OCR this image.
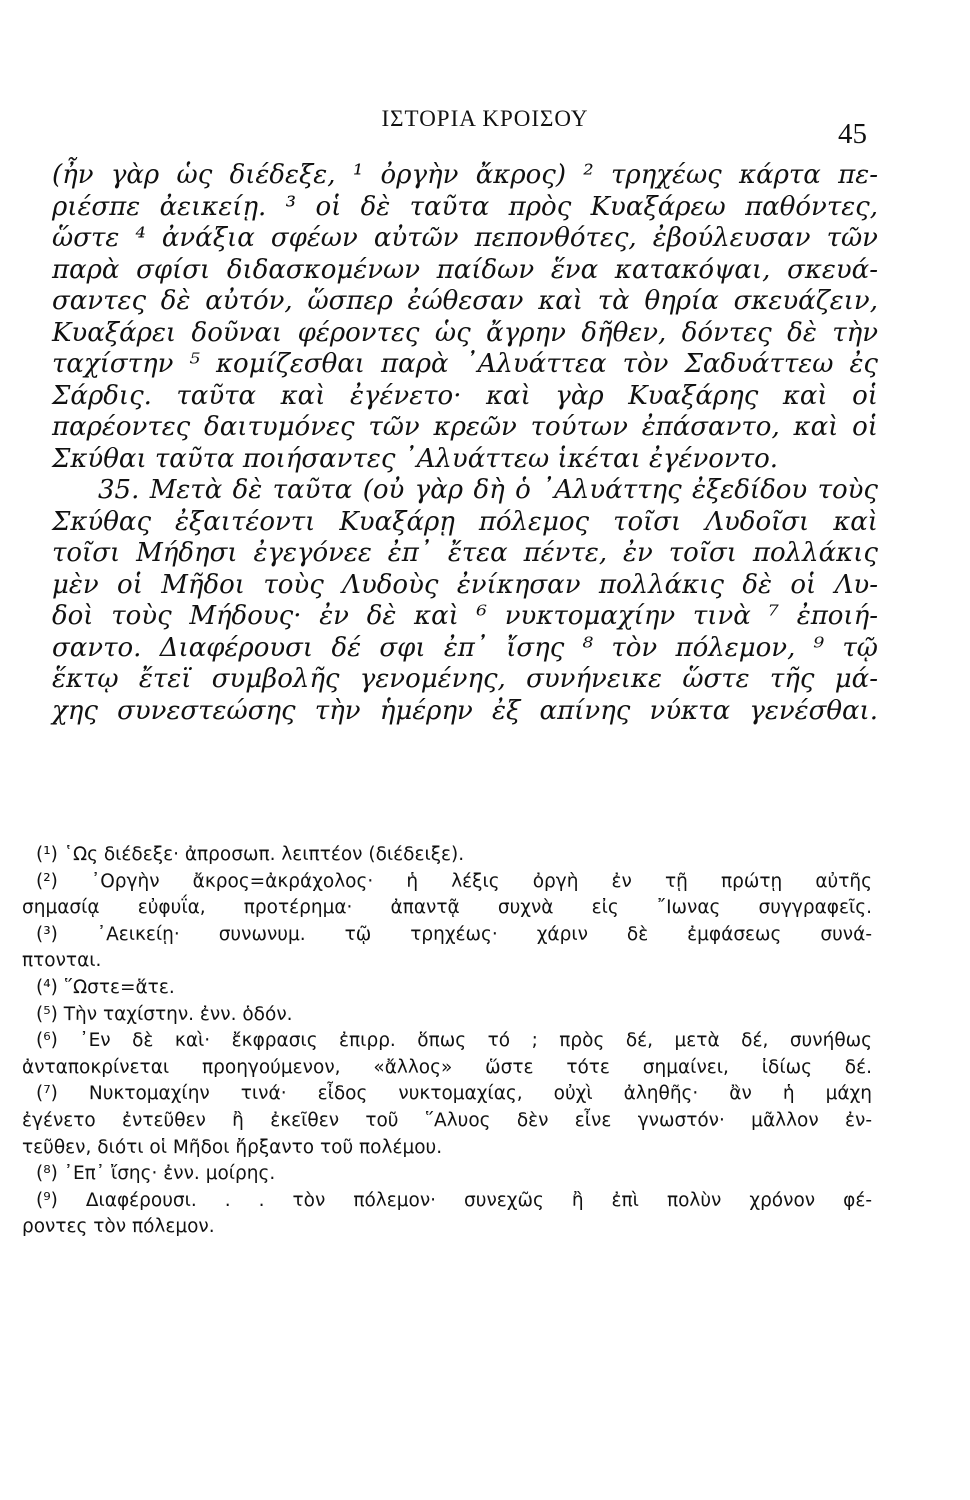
ΙΣΤΟΡΙΑ ΚΡΟΙΣΟΥ	45
(ἦν γὰρ ὡς διέδεξε, ¹ ὀργὴν ἄκρος) ² τρηχέως κάρτα πε-
ριέσπε ἀεικείῃ. ³ οἱ δὲ ταῦτα πρὸς Κυαξάρεω παθόντες,
ὥστε ⁴ ἀνάξια σφέων αὐτῶν πεπονθότες, ἐβούλευσαν τῶν
παρὰ σφίσι διδασκομένων παίδων ἕνα κατακόψαι, σκευά-
σαντες δὲ αὐτόν, ὥσπερ ἐώθεσαν καὶ τὰ θηρία σκευάζειν,
Κυαξάρει δοῦναι φέροντες ὡς ἄγρην δῆθεν, δόντες δὲ τὴν
ταχίστην ⁵ κομίζεσθαι παρὰ ᾿Αλυάττεα τὸν Σαδυάττεω ἐς
Σάρδις. ταῦτα καὶ ἐγένετο· καὶ γὰρ Κυαξάρης καὶ οἱ
παρέοντες δαιτυμόνες τῶν κρεῶν τούτων ἐπάσαντο, καὶ οἱ
Σκύθαι ταῦτα ποιήσαντες ᾿Αλυάττεω ἱκέται ἐγένοντο.
35. Μετὰ δὲ ταῦτα (οὐ γὰρ δὴ ὁ ᾿Αλυάττης ἐξεδίδου τοὺς
Σκύθας ἐξαιτέοντι Κυαξάρῃ πόλεμος τοῖσι Λυδοῖσι καὶ
τοῖσι Μήδησι ἐγεγόνεε ἐπ᾿ ἔτεα πέντε, ἐν τοῖσι πολλάκις
μὲν οἱ Μῆδοι τοὺς Λυδοὺς ἐνίκησαν πολλάκις δὲ οἱ Λυ-
δοὶ τοὺς Μήδους· ἐν δὲ καὶ ⁶ νυκτομαχίην τινὰ ⁷ ἐποιή-
σαντο. Διαφέρουσι δέ σφι ἐπ᾿ ἴσης ⁸ τὸν πόλεμον, ⁹ τῷ
ἕκτῳ ἔτεϊ συμβολῆς γενομένης, συνήνεικε ὥστε τῆς μά-
χης συνεστεώσης τὴν ἡμέρην ἐξ απίνης νύκτα γενέσθαι.
(¹) ῾Ως διέδεξε· ἀπροσωπ. λειπτέον (διέδειξε).
(²) ᾿Οργὴν ἄκρος=ἀκράχολος· ἡ λέξις ὀργὴ ἐν τῇ πρώτῃ αὐτῆς
σημασίᾳ εὐφυΐα, προτέρημα· ἀπαντᾷ συχνὰ εἰς ῎Ιωνας συγγραφεῖς.
(³) ᾿Αεικείῃ· συνωνυμ. τῷ τρηχέως· χάριν δὲ ἐμφάσεως συνά-
πτονται.
(⁴) ῞Ωστε=ἅτε.
(⁵) Τὴν ταχίστην. ἐνν. ὁδόν.
(⁶) ᾿Εν δὲ καὶ· ἔκφρασις ἐπιρρ. ὅπως τό ; πρὸς δέ, μετὰ δέ, συνήθως
ἀνταποκρίνεται προηγούμενον, «ἄλλος» ὥστε τότε σημαίνει, ἰδίως δέ.
(⁷) Νυκτομαχίην τινά· εἶδος νυκτομαχίας, οὐχὶ ἀληθῆς· ἂν ἡ μάχη
ἐγένετο ἐντεῦθεν ἢ ἐκεῖθεν τοῦ ῞Αλυος δὲν εἶνε γνωστόν· μᾶλλον ἐν-
τεῦθεν, διότι οἱ Μῆδοι ἤρξαντο τοῦ πολέμου.
(⁸) ᾿Επ᾿ ἴσης· ἐνν. μοίρης.
(⁹) Διαφέρουσι. . . τὸν πόλεμον· συνεχῶς ἢ ἐπὶ πολὺν χρόνον φέ-
ροντες τὸν πόλεμον.
